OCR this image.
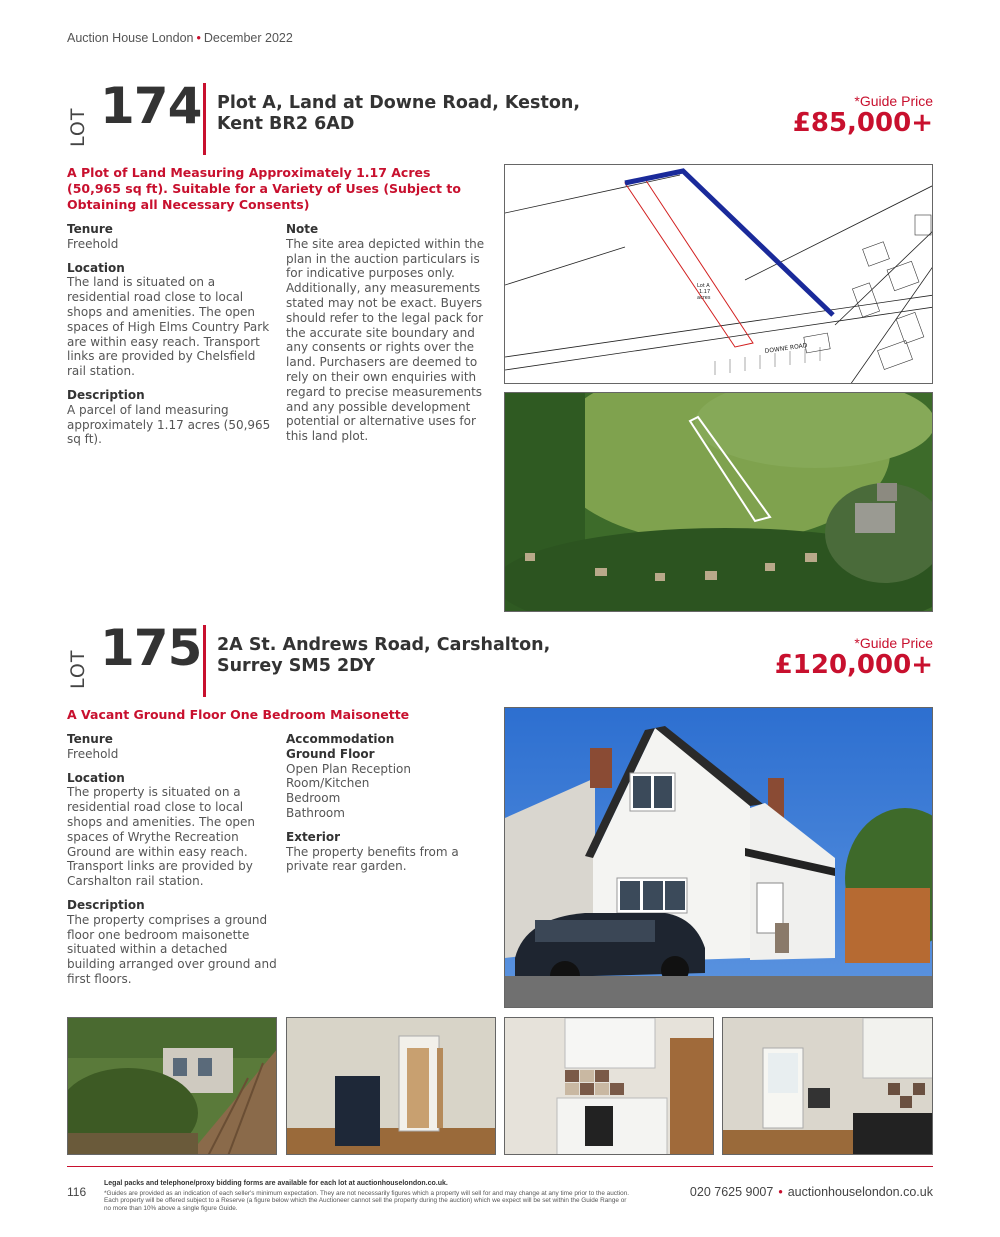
Auction House London • December 2022
LOT 174 Plot A, Land at Downe Road, Keston,
Kent BR2 6AD
*Guide Price
£85,000+
A Plot of Land Measuring Approximately 1.17 Acres (50,965 sq ft). Suitable for a Variety of Uses (Subject to Obtaining all Necessary Consents)
Tenure
Freehold
Location
The land is situated on a residential road close to local shops and amenities. The open spaces of High Elms Country Park are within easy reach. Transport links are provided by Chelsfield rail station.
Description
A parcel of land measuring approximately 1.17 acres (50,965 sq ft).
Note
The site area depicted within the plan in the auction particulars is for indicative purposes only. Additionally, any measurements stated may not be exact. Buyers should refer to the legal pack for the accurate site boundary and any consents or rights over the land. Purchasers are deemed to rely on their own enquiries with regard to precise measurements and any possible development potential or alternative uses for this land plot.
Lot A
1.17
acres
DOWNE ROAD
LOT 175 2A St. Andrews Road, Carshalton,
Surrey SM5 2DY
*Guide Price
£120,000+
A Vacant Ground Floor One Bedroom Maisonette
Tenure
Freehold
Location
The property is situated on a residential road close to local shops and amenities. The open spaces of Wrythe Recreation Ground are within easy reach. Transport links are provided by Carshalton rail station.
Description
The property comprises a ground floor one bedroom maisonette situated within a detached building arranged over ground and first floors.
Accommodation
Ground Floor
Open Plan Reception Room/Kitchen
Bedroom
Bathroom
Exterior
The property benefits from a private rear garden.
116
Legal packs and telephone/proxy bidding forms are available for each lot at auctionhouselondon.co.uk.
*Guides are provided as an indication of each seller's minimum expectation. They are not necessarily figures which a property will sell for and may change at any time prior to the auction. Each property will be offered subject to a Reserve (a figure below which the Auctioneer cannot sell the property during the auction) which we expect will be set within the Guide Range or no more than 10% above a single figure Guide.
020 7625 9007 • auctionhouselondon.co.uk
